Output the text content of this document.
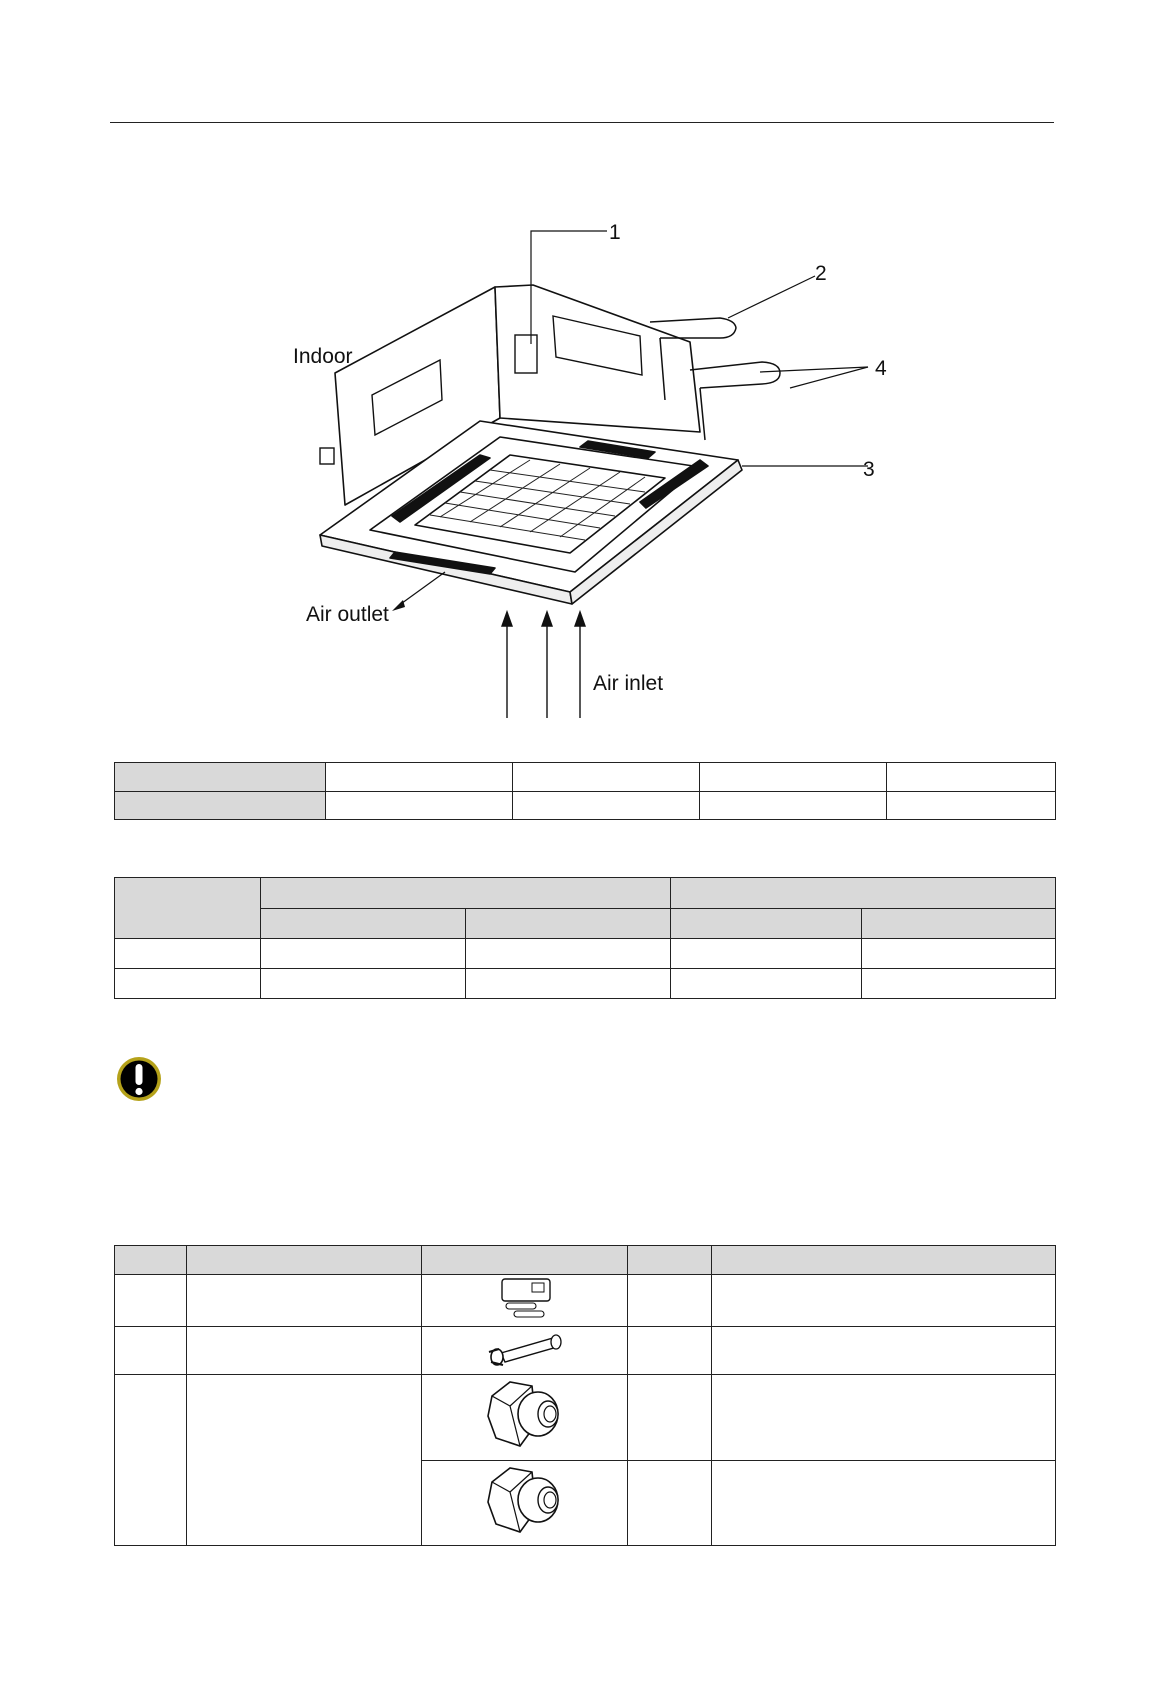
1
2
4
3
Indoor
Air outlet
Air inlet
